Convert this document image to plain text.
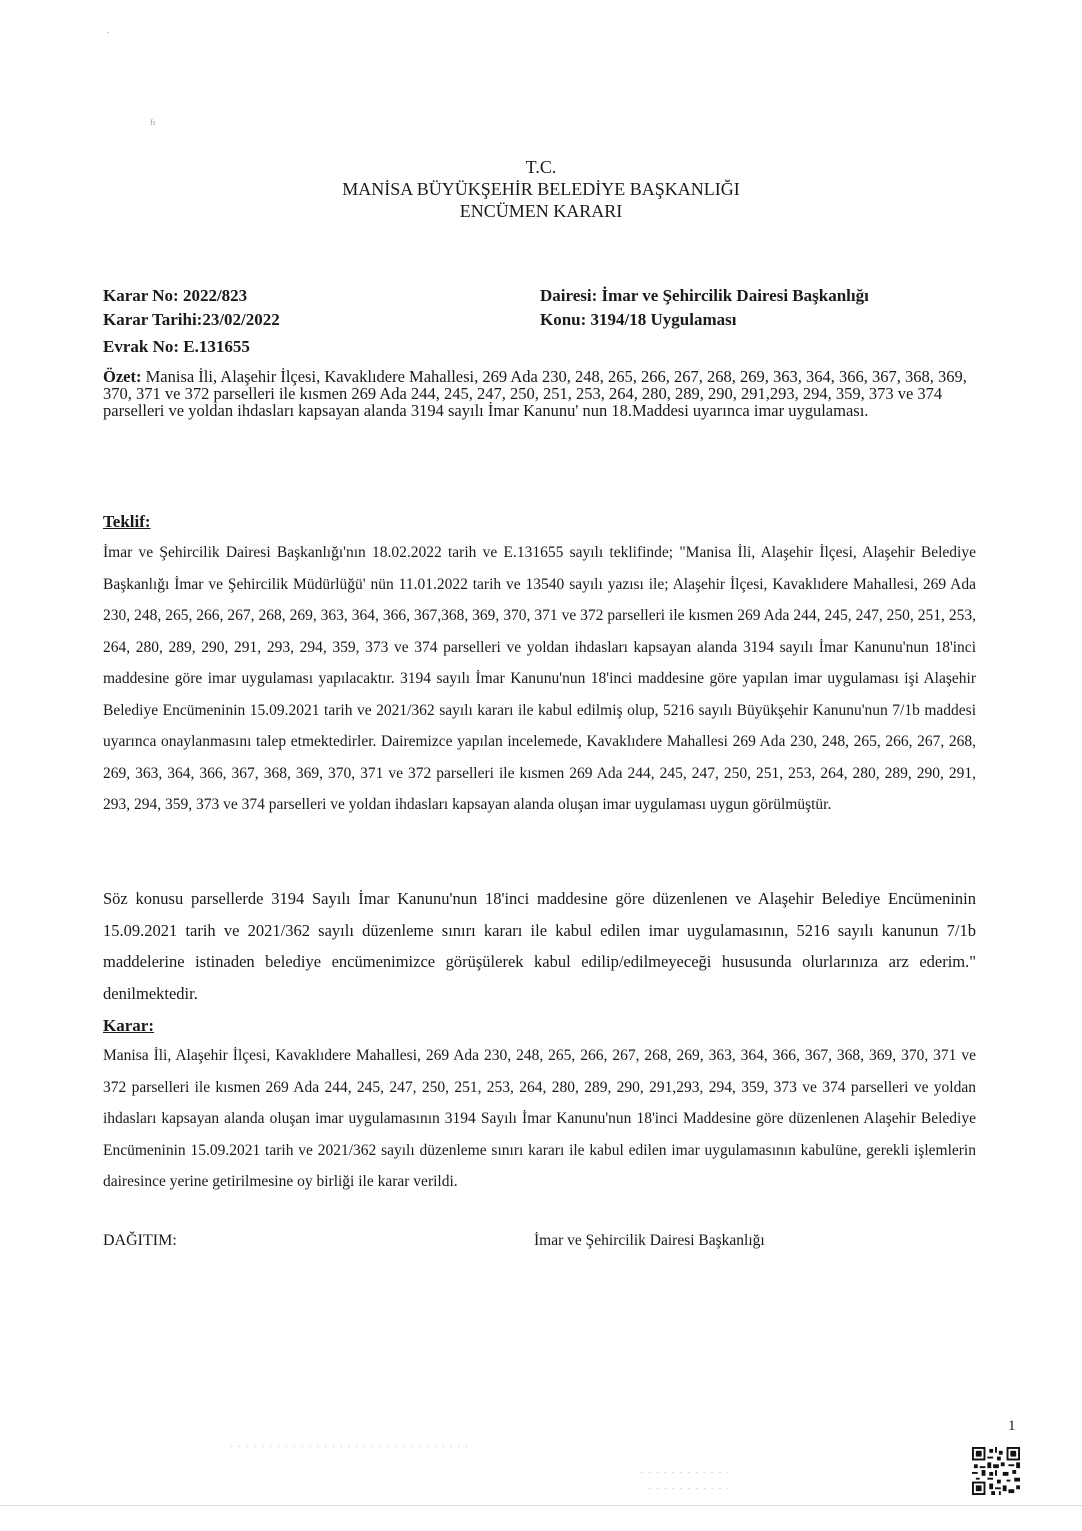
·
ᶠᶦ
T.C.
MANİSA BÜYÜKŞEHİR BELEDİYE BAŞKANLIĞI
ENCÜMEN KARARI
Karar No: 2022/823
Karar Tarihi:23/02/2022
Evrak No: E.131655
Dairesi: İmar ve Şehircilik Dairesi Başkanlığı
Konu: 3194/18 Uygulaması
Özet: Manisa İli, Alaşehir İlçesi, Kavaklıdere Mahallesi, 269 Ada 230, 248, 265, 266, 267, 268, 269, 363, 364, 366, 367, 368, 369, 370, 371 ve 372 parselleri ile kısmen 269 Ada 244, 245, 247, 250, 251, 253, 264, 280, 289, 290, 291,293, 294, 359, 373 ve 374 parselleri ve yoldan ihdasları kapsayan alanda 3194 sayılı İmar Kanunu' nun 18.Maddesi uyarınca imar uygulaması.
Teklif:
İmar ve Şehircilik Dairesi Başkanlığı'nın 18.02.2022 tarih ve E.131655 sayılı teklifinde; "Manisa İli, Alaşehir İlçesi, Alaşehir Belediye Başkanlığı İmar ve Şehircilik Müdürlüğü' nün 11.01.2022 tarih ve 13540 sayılı yazısı ile; Alaşehir İlçesi, Kavaklıdere Mahallesi, 269 Ada 230, 248, 265, 266, 267, 268, 269, 363, 364, 366, 367,368, 369, 370, 371 ve 372 parselleri ile kısmen 269 Ada 244, 245, 247, 250, 251, 253, 264, 280, 289, 290, 291, 293, 294, 359, 373 ve 374 parselleri ve yoldan ihdasları kapsayan alanda 3194 sayılı İmar Kanunu'nun 18'inci maddesine göre imar uygulaması yapılacaktır. 3194 sayılı İmar Kanunu'nun 18'inci maddesine göre yapılan imar uygulaması işi Alaşehir Belediye Encümeninin 15.09.2021 tarih ve 2021/362 sayılı kararı ile kabul edilmiş olup, 5216 sayılı Büyükşehir Kanunu'nun 7/1b maddesi uyarınca onaylanmasını talep etmektedirler. Dairemizce yapılan incelemede, Kavaklıdere Mahallesi 269 Ada 230, 248, 265, 266, 267, 268, 269, 363, 364, 366, 367, 368, 369, 370, 371 ve 372 parselleri ile kısmen 269 Ada 244, 245, 247, 250, 251, 253, 264, 280, 289, 290, 291, 293, 294, 359, 373 ve 374 parselleri ve yoldan ihdasları kapsayan alanda oluşan imar uygulaması uygun görülmüştür.
Söz konusu parsellerde 3194 Sayılı İmar Kanunu'nun 18'inci maddesine göre düzenlenen ve Alaşehir Belediye Encümeninin 15.09.2021 tarih ve 2021/362 sayılı düzenleme sınırı kararı ile kabul edilen imar uygulamasının, 5216 sayılı kanunun 7/1b maddelerine istinaden belediye encümenimizce görüşülerek kabul edilip/edilmeyeceği hususunda olurlarınıza arz ederim." denilmektedir.
Karar:
Manisa İli, Alaşehir İlçesi, Kavaklıdere Mahallesi, 269 Ada 230, 248, 265, 266, 267, 268, 269, 363, 364, 366, 367, 368, 369, 370, 371 ve 372 parselleri ile kısmen 269 Ada 244, 245, 247, 250, 251, 253, 264, 280, 289, 290, 291,293, 294, 359, 373 ve 374 parselleri ve yoldan ihdasları kapsayan alanda oluşan imar uygulamasının 3194 Sayılı İmar Kanunu'nun 18'inci Maddesine göre düzenlenen Alaşehir Belediye Encümeninin 15.09.2021 tarih ve 2021/362 sayılı düzenleme sınırı kararı ile kabul edilen imar uygulamasının kabulüne, gerekli işlemlerin dairesince yerine getirilmesine oy birliği ile karar verildi.
DAĞITIM:	İmar ve Şehircilik Dairesi Başkanlığı
1
· · · · · · · · · · · · · · · · · · · · · · · · · · · · · · ·
· · · · · · · · · · · ·
· · · · · · · · · · ·
